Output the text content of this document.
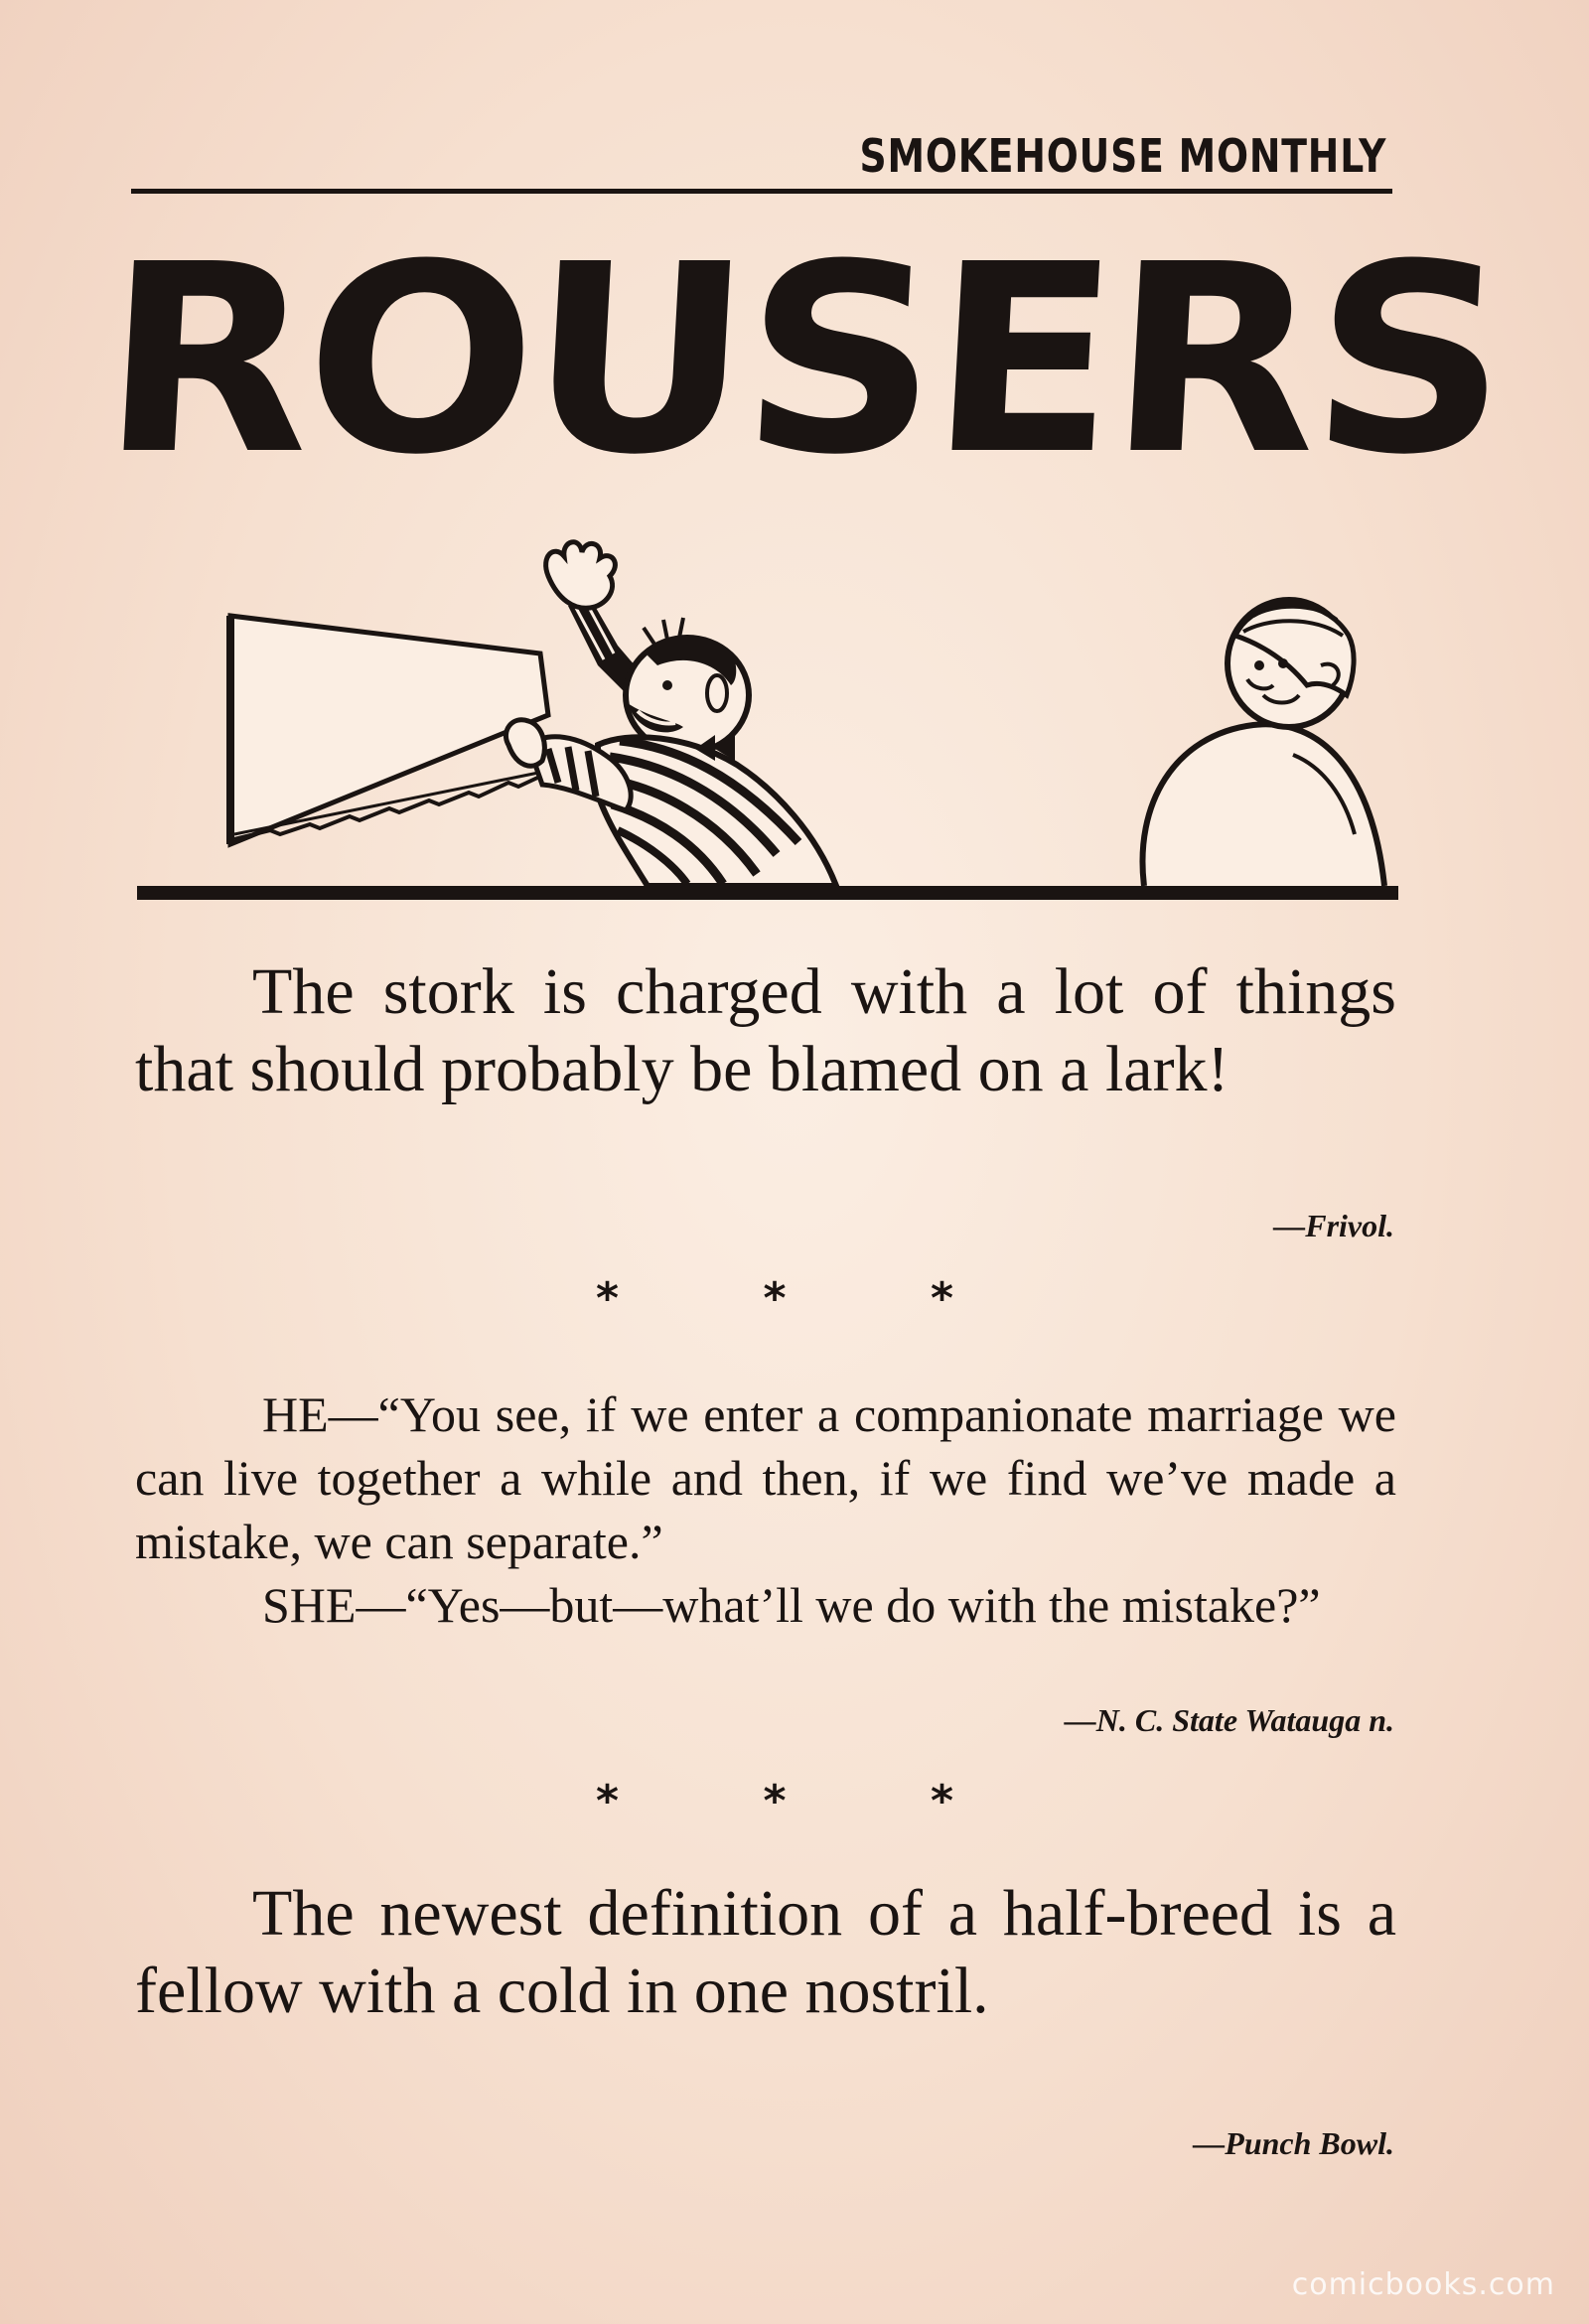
SMOKEHOUSE MONTHLY
ROUSERS

The stork is charged with a lot of things that should probably be blamed on a lark!

—Frivol.
*	*	*
HE—“You see, if we enter a companionate marriage we can live together a while and then, if we find we’ve made a mistake, we can separate.”
SHE—“Yes—but—what’ll we do with the mistake?”
—N. C. State Watauga n.
*	*	*

The newest definition of a half-breed is a fellow with a cold in one nostril.

—Punch Bowl.
comicbooks.com
